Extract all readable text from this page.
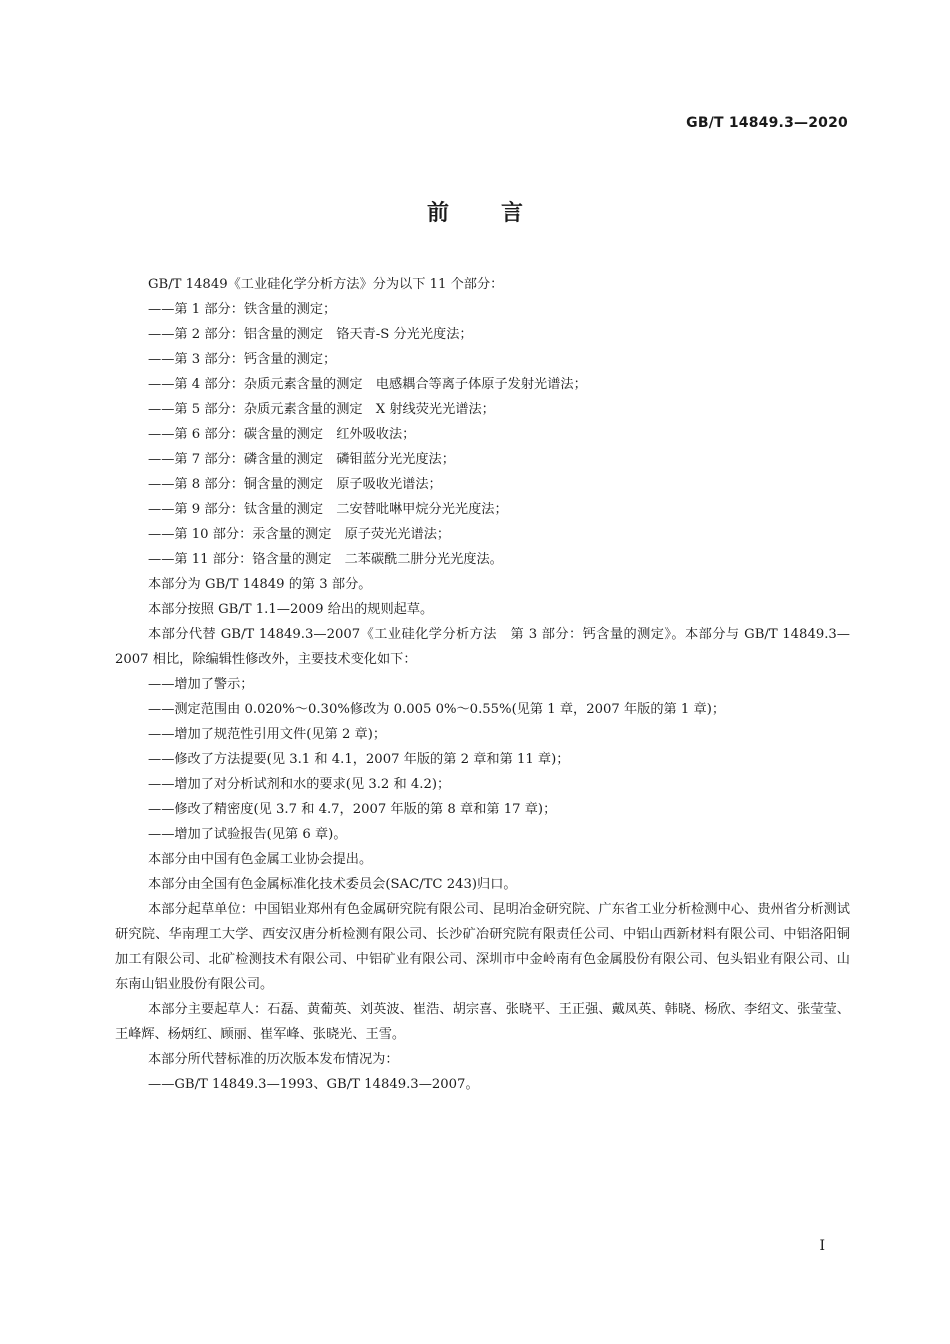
GB/T 14849.3—2020
前言

GB/T 14849《工业硅化学分析方法》分为以下 11 个部分：

——第 1 部分：铁含量的测定；

——第 2 部分：铝含量的测定　铬天青-S 分光光度法；

——第 3 部分：钙含量的测定；

——第 4 部分：杂质元素含量的测定　电感耦合等离子体原子发射光谱法；

——第 5 部分：杂质元素含量的测定　X 射线荧光光谱法；

——第 6 部分：碳含量的测定　红外吸收法；

——第 7 部分：磷含量的测定　磷钼蓝分光光度法；

——第 8 部分：铜含量的测定　原子吸收光谱法；

——第 9 部分：钛含量的测定　二安替吡啉甲烷分光光度法；

——第 10 部分：汞含量的测定　原子荧光光谱法；

——第 11 部分：铬含量的测定　二苯碳酰二肼分光光度法。

本部分为 GB/T 14849 的第 3 部分。

本部分按照 GB/T 1.1—2009 给出的规则起草。

本部分代替 GB/T 14849.3—2007《工业硅化学分析方法　第 3 部分：钙含量的测定》。本部分与 GB/T 14849.3—2007 相比，除编辑性修改外，主要技术变化如下：

——增加了警示；

——测定范围由 0.020%～0.30%修改为 0.005 0%～0.55%(见第 1 章，2007 年版的第 1 章)；

——增加了规范性引用文件(见第 2 章)；

——修改了方法提要(见 3.1 和 4.1，2007 年版的第 2 章和第 11 章)；

——增加了对分析试剂和水的要求(见 3.2 和 4.2)；

——修改了精密度(见 3.7 和 4.7，2007 年版的第 8 章和第 17 章)；

——增加了试验报告(见第 6 章)。

本部分由中国有色金属工业协会提出。

本部分由全国有色金属标准化技术委员会(SAC/TC 243)归口。

本部分起草单位：中国铝业郑州有色金属研究院有限公司、昆明冶金研究院、广东省工业分析检测中心、贵州省分析测试研究院、华南理工大学、西安汉唐分析检测有限公司、长沙矿冶研究院有限责任公司、中铝山西新材料有限公司、中铝洛阳铜加工有限公司、北矿检测技术有限公司、中铝矿业有限公司、深圳市中金岭南有色金属股份有限公司、包头铝业有限公司、山东南山铝业股份有限公司。

本部分主要起草人：石磊、黄葡英、刘英波、崔浩、胡宗喜、张晓平、王正强、戴凤英、韩晓、杨欣、李绍文、张莹莹、王峰辉、杨炳红、顾丽、崔军峰、张晓光、王雪。

本部分所代替标准的历次版本发布情况为：

——GB/T 14849.3—1993、GB/T 14849.3—2007。

I
